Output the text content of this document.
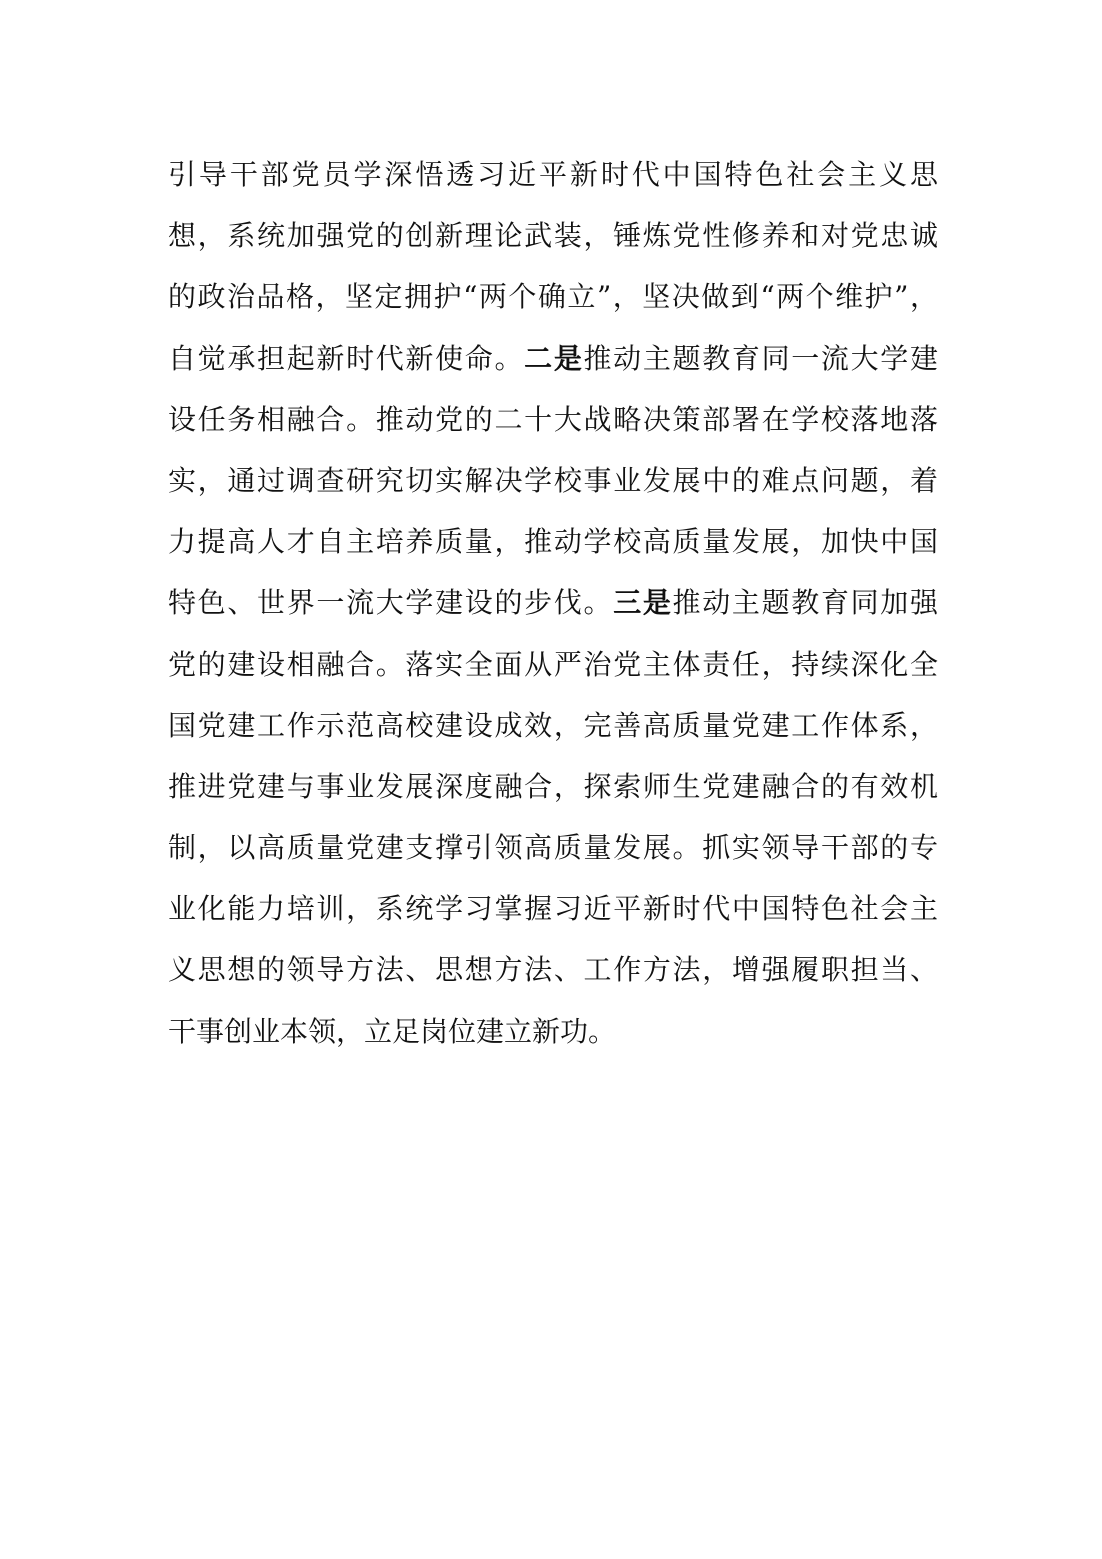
引导干部党员学深悟透习近平新时代中国特色社会主义思
想，系统加强党的创新理论武装，锤炼党性修养和对党忠诚
的政治品格，坚定拥护“两个确立”，坚决做到“两个维护”，
自觉承担起新时代新使命。二是推动主题教育同一流大学建
设任务相融合。推动党的二十大战略决策部署在学校落地落
实，通过调查研究切实解决学校事业发展中的难点问题，着
力提高人才自主培养质量，推动学校高质量发展，加快中国
特色、世界一流大学建设的步伐。三是推动主题教育同加强
党的建设相融合。落实全面从严治党主体责任，持续深化全
国党建工作示范高校建设成效，完善高质量党建工作体系，
推进党建与事业发展深度融合，探索师生党建融合的有效机
制，以高质量党建支撑引领高质量发展。抓实领导干部的专
业化能力培训，系统学习掌握习近平新时代中国特色社会主
义思想的领导方法、思想方法、工作方法，增强履职担当、
干事创业本领，立足岗位建立新功。
